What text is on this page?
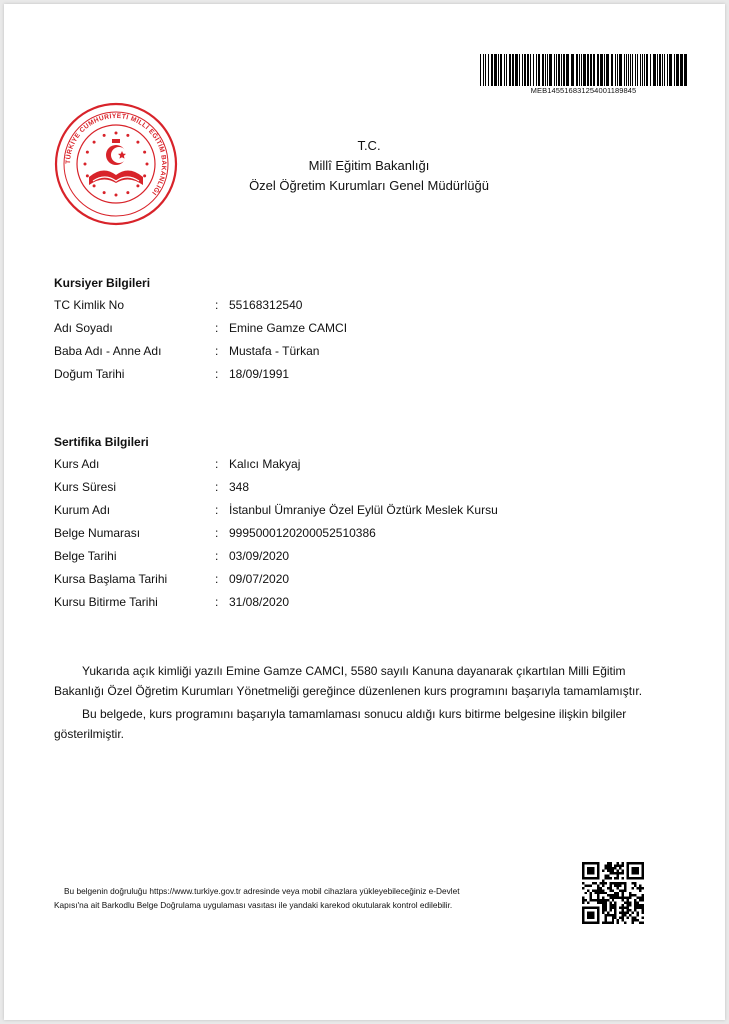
MEB14551683125400118984​5
TÜRKİYE CUMHURİYETİ MİLLÎ EĞİTİM BAKANLIĞI
T.C.
Millî Eğitim Bakanlığı
Özel Öğretim Kurumları Genel Müdürlüğü
Kursiyer Bilgileri
TC Kimlik No	: 55168312540
Adı Soyadı	: Emine Gamze CAMCI
Baba Adı - Anne Adı	: Mustafa - Türkan
Doğum Tarihi	: 18/09/1991
Sertifika Bilgileri
Kurs Adı	: Kalıcı Makyaj
Kurs Süresi	: 348
Kurum Adı	: İstanbul Ümraniye Özel Eylül Öztürk Meslek Kursu
Belge Numarası	: 99950001202000525103​86
Belge Tarihi	: 03/09/2020
Kursa Başlama Tarihi	: 09/07/2020
Kursu Bitirme Tarihi	: 31/08/2020
Yukarıda açık kimliği yazılı Emine Gamze CAMCI, 5580 sayılı Kanuna dayanarak çıkartılan Milli Eğitim Bakanlığı Özel Öğretim Kurumları Yönetmeliği gereğince düzenlenen kurs programını başarıyla tamamlamıştır.
Bu belgede, kurs programını başarıyla tamamlaması sonucu aldığı kurs bitirme belgesine ilişkin bilgiler gösterilmiştir.
Bu belgenin doğruluğu https://www.turkiye.gov.tr adresinde veya mobil cihazlara yükleyebileceğiniz e-Devlet
Kapısı'na ait Barkodlu Belge Doğrulama uygulaması vasıtası ile yandaki karekod okutularak kontrol edilebilir.
